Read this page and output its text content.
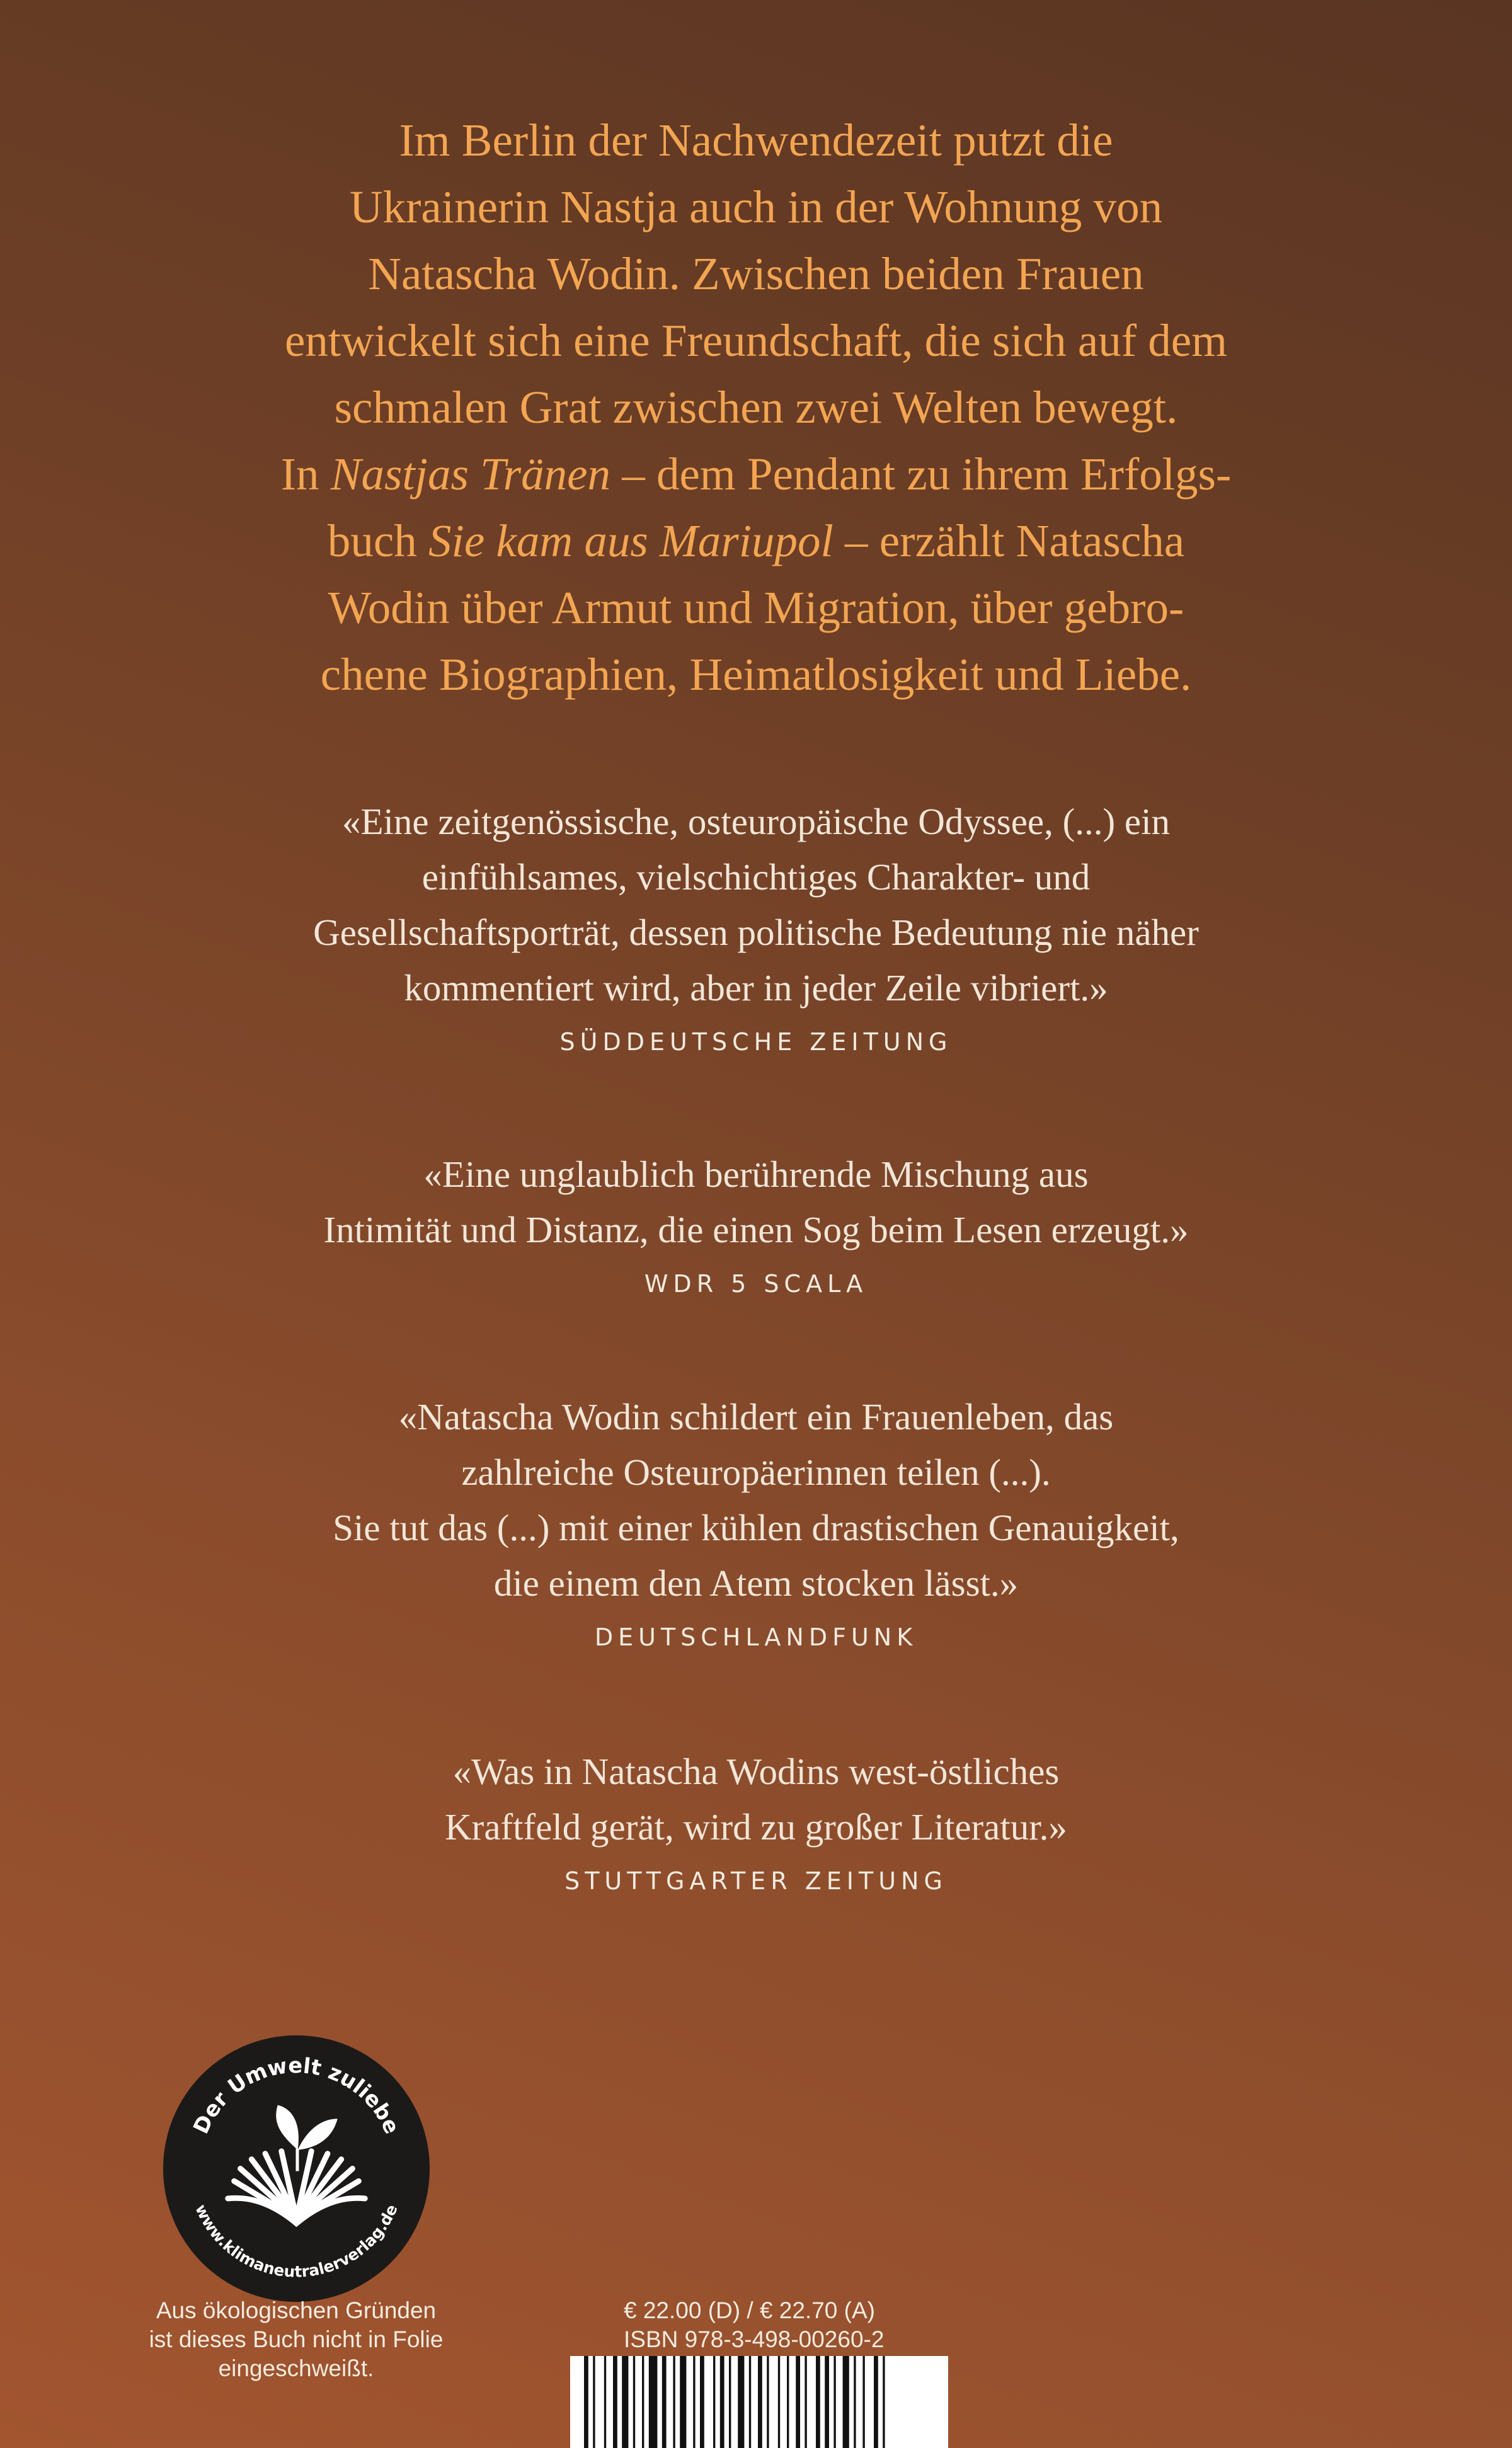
Im Berlin der Nachwendezeit putzt die

Ukrainerin Nastja auch in der Wohnung von

Natascha Wodin. Zwischen beiden Frauen

entwickelt sich eine Freundschaft, die sich auf dem

schmalen Grat zwischen zwei Welten bewegt.

In Nastjas Tränen – dem Pendant zu ihrem Erfolgs-

buch Sie kam aus Mariupol – erzählt Natascha

Wodin über Armut und Migration, über gebro-

chene Biographien, Heimatlosigkeit und Liebe.

«Eine zeitgenössische, osteuropäische Odyssee, (...) ein

einfühlsames, vielschichtiges Charakter- und

Gesellschaftsporträt, dessen politische Bedeutung nie näher

kommentiert wird, aber in jeder Zeile vibriert.»

SÜDDEUTSCHE ZEITUNG

«Eine unglaublich berührende Mischung aus

Intimität und Distanz, die einen Sog beim Lesen erzeugt.»

WDR 5 SCALA

«Natascha Wodin schildert ein Frauenleben, das

zahlreiche Osteuropäerinnen teilen (...).

Sie tut das (...) mit einer kühlen drastischen Genauigkeit,

die einem den Atem stocken lässt.»

DEUTSCHLANDFUNK

«Was in Natascha Wodins west-östliches

Kraftfeld gerät, wird zu großer Literatur.»

STUTTGARTER ZEITUNG
Der Umwelt zuliebe
www.klimaneutralerverlag.de
Aus ökologischen Gründen
ist dieses Buch nicht in Folie
eingeschweißt.
€ 22.00 (D) / € 22.70 (A)
ISBN 978-3-498-00260-2
